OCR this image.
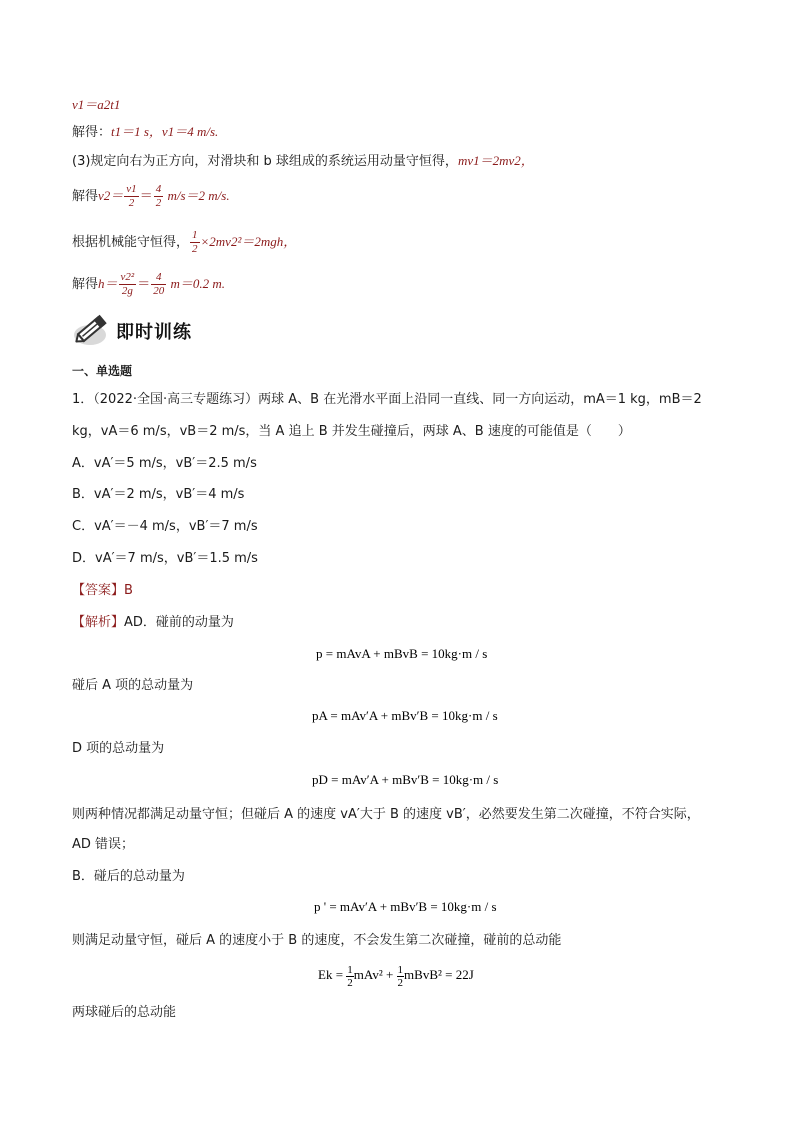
v1＝a2t1
解得：t1＝1 s，v1＝4 m/s.
(3)规定向右为正方向，对滑块和 b 球组成的系统运用动量守恒得，mv1＝2mv2，
解得$v2= \frac{v1}{2} = \frac{4}{2} m/s=2$ m/s.
根据机械能守恒得， $\frac{1}{2} \times 2mv2^2=2mgh$，
解得$h= \frac{\text{v2²}}{2g} = \frac{4}{20} m=0.2$ m.
即时训练
一、单选题
1．（2022·全国·高三专题练习）两球 A、B 在光滑水平面上沿同一直线、同一方向运动，mA＝1 kg，mB＝2
kg，vA＝6 m/s，vB＝2 m/s，当 A 追上 B 并发生碰撞后，两球 A、B 速度的可能值是（　　）
A．vA′＝5 m/s，vB′＝2.5 m/s
B．vA′＝2 m/s，vB′＝4 m/s
C．vA′＝－4 m/s，vB′＝7 m/s
D．vA′＝7 m/s，vB′＝1.5 m/s
【答案】B
【解析】AD．碰前的动量为
p = mAvA + mBvB = 10kg·m / s
碰后 A 项的总动量为
pA = mAv′A + mBv′B = 10kg·m / s
D 项的总动量为
pD = mAv′A + mBv′B = 10kg·m / s
则两种情况都满足动量守恒；但碰后 A 的速度 vA′大于 B 的速度 vB′，必然要发生第二次碰撞，不符合实际，
AD 错误；
B．碰后的总动量为
p ' = mAv′A + mBv′B = 10kg·m / s
则满足动量守恒，碰后 A 的速度小于 B 的速度，不会发生第二次碰撞，碰前的总动能
$Ek = \frac{1}{2} mAv^2 + \frac{1}{2}$ mBvB² = 22J
两球碰后的总动能
